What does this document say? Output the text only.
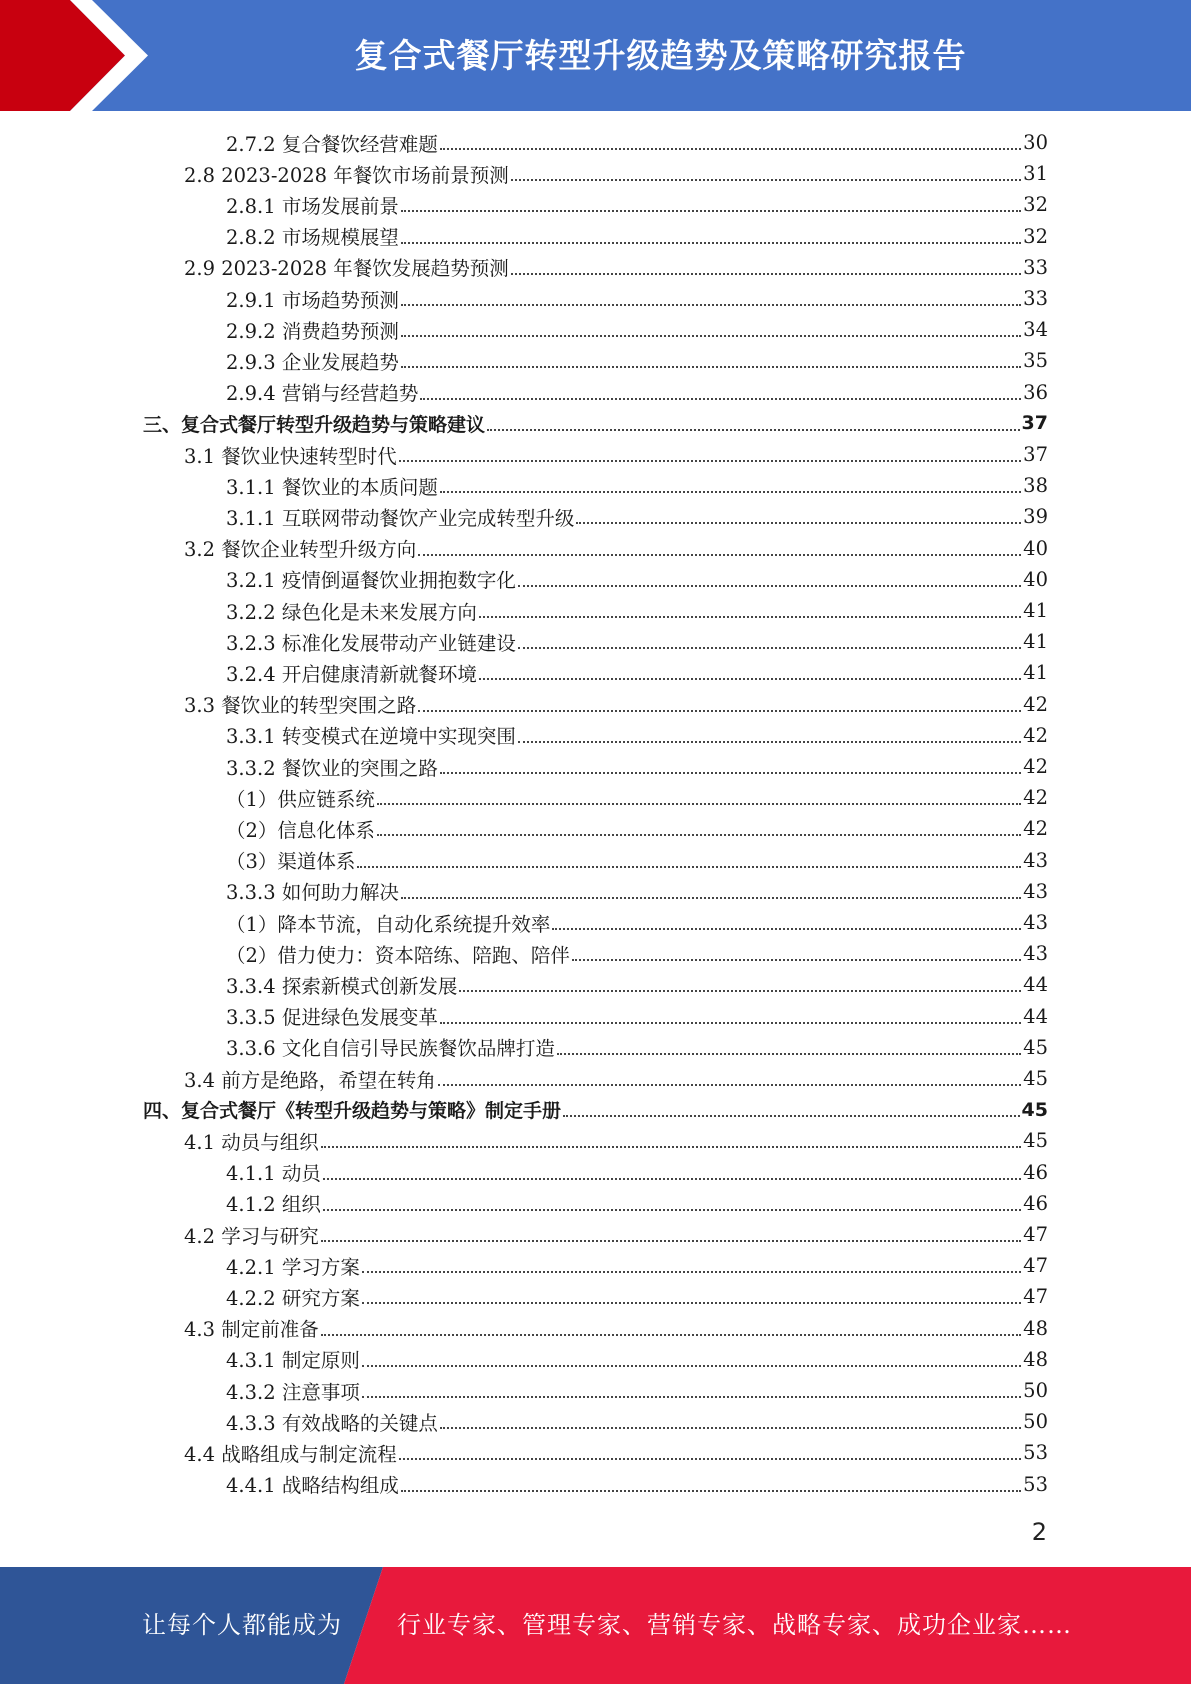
复合式餐厅转型升级趋势及策略研究报告
2.7.2 复合餐饮经营难题	30
2.8 2023-2028 年餐饮市场前景预测	31
2.8.1 市场发展前景	32
2.8.2 市场规模展望	32
2.9 2023-2028 年餐饮发展趋势预测	33
2.9.1 市场趋势预测	33
2.9.2 消费趋势预测	34
2.9.3 企业发展趋势	35
2.9.4 营销与经营趋势	36
三、复合式餐厅转型升级趋势与策略建议	37
3.1 餐饮业快速转型时代	37
3.1.1 餐饮业的本质问题	38
3.1.1 互联网带动餐饮产业完成转型升级	39
3.2 餐饮企业转型升级方向	40
3.2.1 疫情倒逼餐饮业拥抱数字化	40
3.2.2 绿色化是未来发展方向	41
3.2.3 标准化发展带动产业链建设	41
3.2.4 开启健康清新就餐环境	41
3.3 餐饮业的转型突围之路	42
3.3.1 转变模式在逆境中实现突围	42
3.3.2 餐饮业的突围之路	42
（1）供应链系统	42
（2）信息化体系	42
（3）渠道体系	43
3.3.3 如何助力解决	43
（1）降本节流，自动化系统提升效率	43
（2）借力使力：资本陪练、陪跑、陪伴	43
3.3.4 探索新模式创新发展	44
3.3.5 促进绿色发展变革	44
3.3.6 文化自信引导民族餐饮品牌打造	45
3.4 前方是绝路，希望在转角	45
四、复合式餐厅《转型升级趋势与策略》制定手册	45
4.1 动员与组织	45
4.1.1 动员	46
4.1.2 组织	46
4.2 学习与研究	47
4.2.1 学习方案	47
4.2.2 研究方案	47
4.3 制定前准备	48
4.3.1 制定原则	48
4.3.2 注意事项	50
4.3.3 有效战略的关键点	50
4.4 战略组成与制定流程	53
4.4.1 战略结构组成	53
2
让每个人都能成为 行业专家、管理专家、营销专家、战略专家、成功企业家……
